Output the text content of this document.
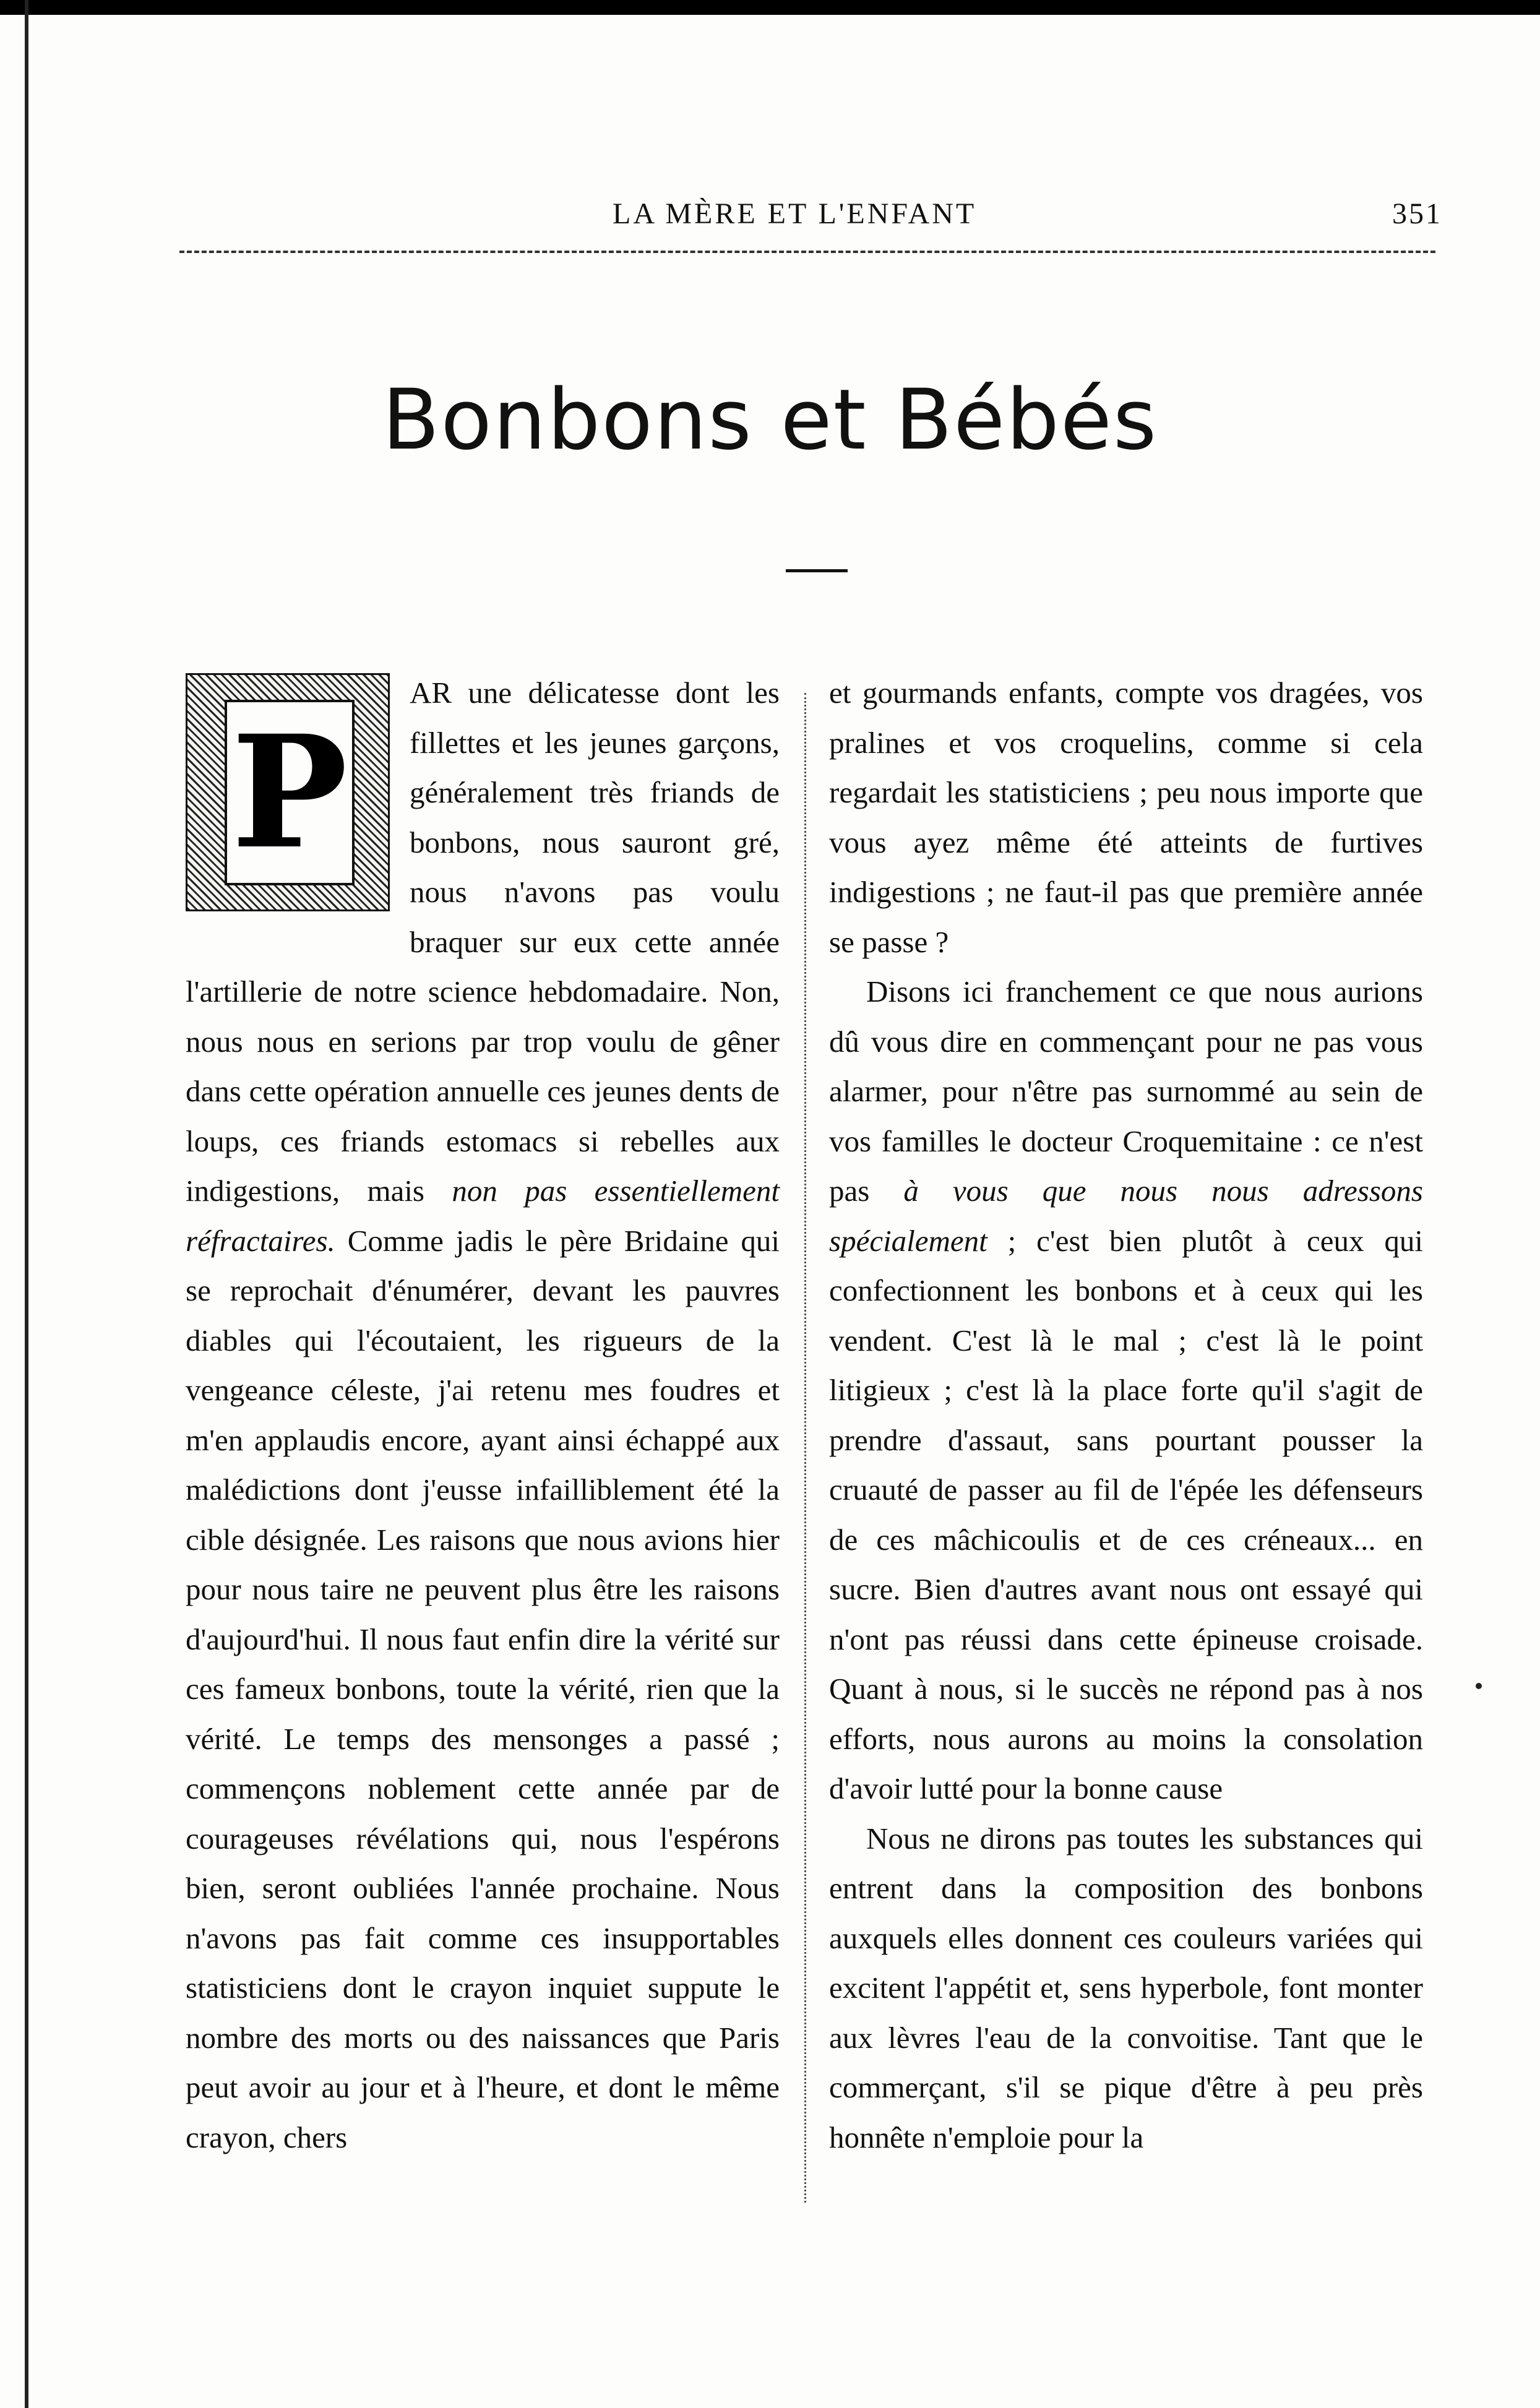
LA MÈRE ET L'ENFANT	351
Bonbons et Bébés

P
AR une délicatesse dont les fillettes et les jeunes garçons, généralement très friands de bonbons, nous sauront gré, nous n'avons pas voulu braquer sur eux cette année l'artillerie de notre science hebdomadaire. Non, nous nous en serions par trop voulu de gêner dans cette opération annuelle ces jeunes dents de loups, ces friands estomacs si rebelles aux indigestions, mais non pas essentiellement réfractaires. Comme jadis le père Bridaine qui se reprochait d'énumérer, devant les pauvres diables qui l'écoutaient, les rigueurs de la vengeance céleste, j'ai retenu mes foudres et m'en applaudis encore, ayant ainsi échappé aux malédictions dont j'eusse infailliblement été la cible désignée. Les raisons que nous avions hier pour nous taire ne peuvent plus être les raisons d'aujourd'hui. Il nous faut enfin dire la vérité sur ces fameux bonbons, toute la vérité, rien que la vérité. Le temps des mensonges a passé ; commençons noblement cette année par de courageuses révélations qui, nous l'espérons bien, seront oubliées l'année prochaine. Nous n'avons pas fait comme ces insupportables statisticiens dont le crayon inquiet suppute le nombre des morts ou des naissances que Paris peut avoir au jour et à l'heure, et dont le même crayon, chers

et gourmands enfants, compte vos dragées, vos pralines et vos croquelins, comme si cela regardait les statisticiens ; peu nous importe que vous ayez même été atteints de furtives indigestions ; ne faut-il pas que première année se passe ?

Disons ici franchement ce que nous aurions dû vous dire en commençant pour ne pas vous alarmer, pour n'être pas surnommé au sein de vos familles le docteur Croquemitaine : ce n'est pas à vous que nous nous adressons spécialement ; c'est bien plutôt à ceux qui confectionnent les bonbons et à ceux qui les vendent. C'est là le mal ; c'est là le point litigieux ; c'est là la place forte qu'il s'agit de prendre d'assaut, sans pourtant pousser la cruauté de passer au fil de l'épée les défenseurs de ces mâchicoulis et de ces créneaux... en sucre. Bien d'autres avant nous ont essayé qui n'ont pas réussi dans cette épineuse croisade. Quant à nous, si le succès ne répond pas à nos efforts, nous aurons au moins la consolation d'avoir lutté pour la bonne cause

Nous ne dirons pas toutes les substances qui entrent dans la composition des bonbons auxquels elles donnent ces couleurs variées qui excitent l'appétit et, sens hyperbole, font monter aux lèvres l'eau de la convoitise. Tant que le commerçant, s'il se pique d'être à peu près honnête n'emploie pour la
